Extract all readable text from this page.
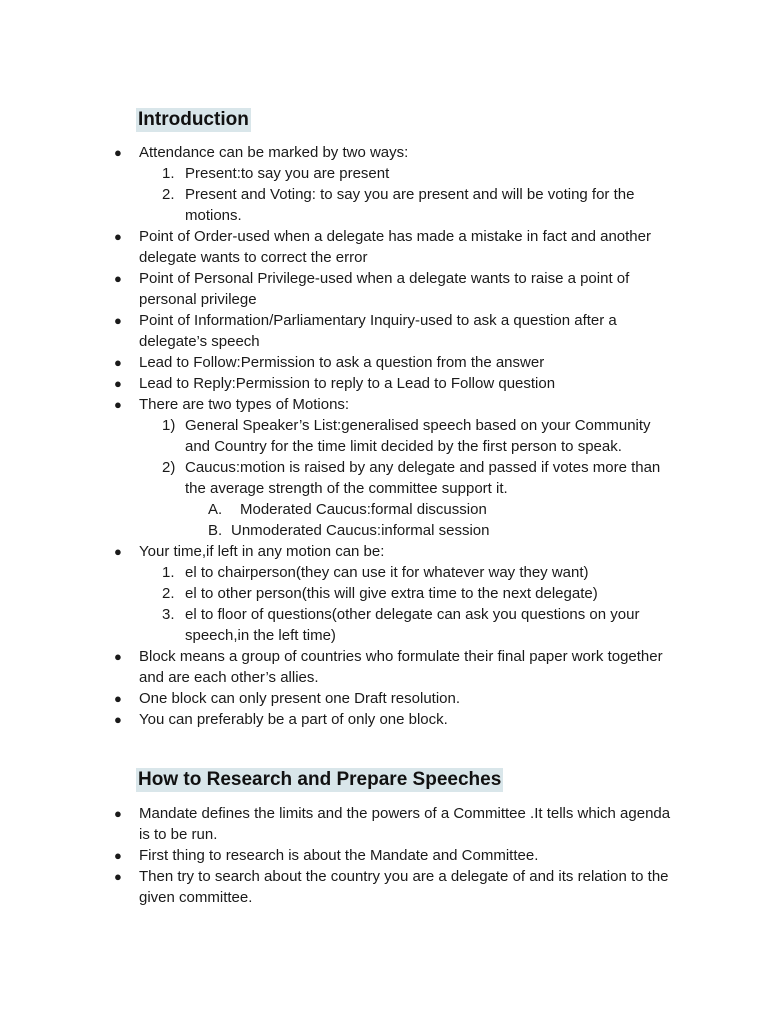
Introduction
● Attendance can be marked by two ways:
1. Present:to say you are present
2. Present and Voting: to say you are present and will be voting for the motions.
● Point of Order-used when a delegate has made a mistake in fact and another delegate wants to correct the error
● Point of Personal Privilege-used when a delegate wants to raise a point of personal privilege
● Point of Information/Parliamentary Inquiry-used to ask a question after a delegate’s speech
● Lead to Follow:Permission to ask a question from the answer
● Lead to Reply:Permission to reply to a Lead to Follow question
● There are two types of Motions:
1) General Speaker’s List:generalised speech based on your Community and Country for the time limit decided by the first person to speak.
2) Caucus:motion is raised by any delegate and passed if votes more than the average strength of the committee support it.
A. Moderated Caucus:formal discussion
B. Unmoderated Caucus:informal session
● Your time,if left in any motion can be:
1. el to chairperson(they can use it for whatever way they want)
2. el to other person(this will give extra time to the next delegate)
3. el to floor of questions(other delegate can ask you questions on your speech,in the left time)
● Block means a group of countries who formulate their final paper work together and are each other’s allies.
● One block can only present one Draft resolution.
● You can preferably be a part of only one block.
How to Research and Prepare Speeches
● Mandate defines the limits and the powers of a Committee .It tells which agenda is to be run.
● First thing to research is about the Mandate and Committee.
● Then try to search about the country you are a delegate of and its relation to the given committee.
